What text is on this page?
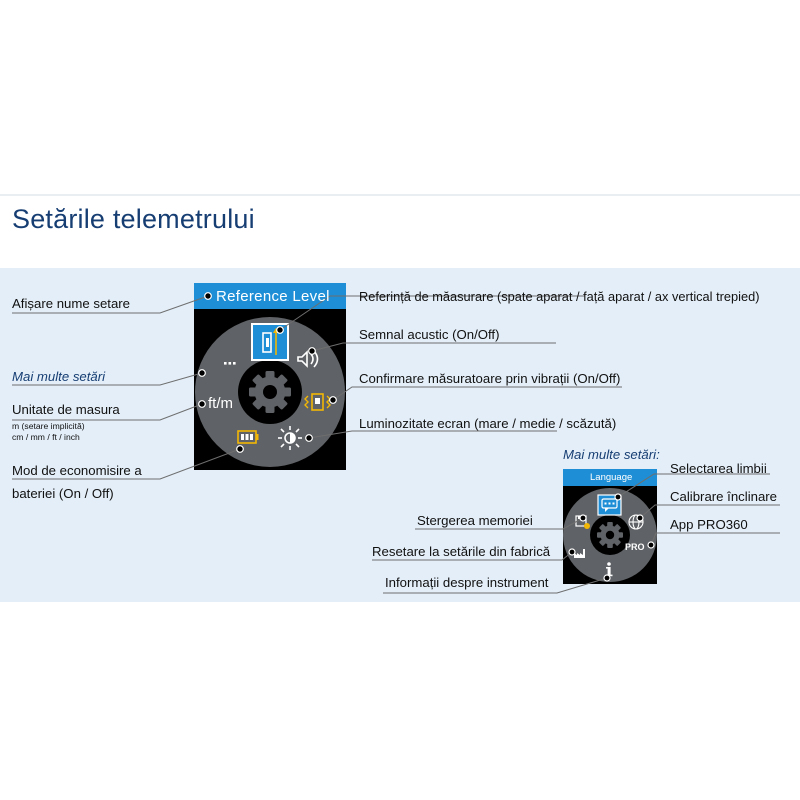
Setările telemetrului
Reference Level
ft/m
Language
PRO
Afișare nume setare
Mai multe setări
Unitate de masura
m (setare implicită)
cm / mm / ft / inch
Mod de economisire a
bateriei (On / Off)
Referință de măasurare (spate aparat / față aparat / ax vertical trepied)
Semnal acustic (On/Off)
Confirmare măsuratoare prin vibrații (On/Off)
Luminozitate ecran (mare / medie / scăzută)
Mai multe setări:
Selectarea limbii
Calibrare înclinare
App PRO360
Stergerea memoriei
Resetare la setările din fabrică
Informații despre instrument
